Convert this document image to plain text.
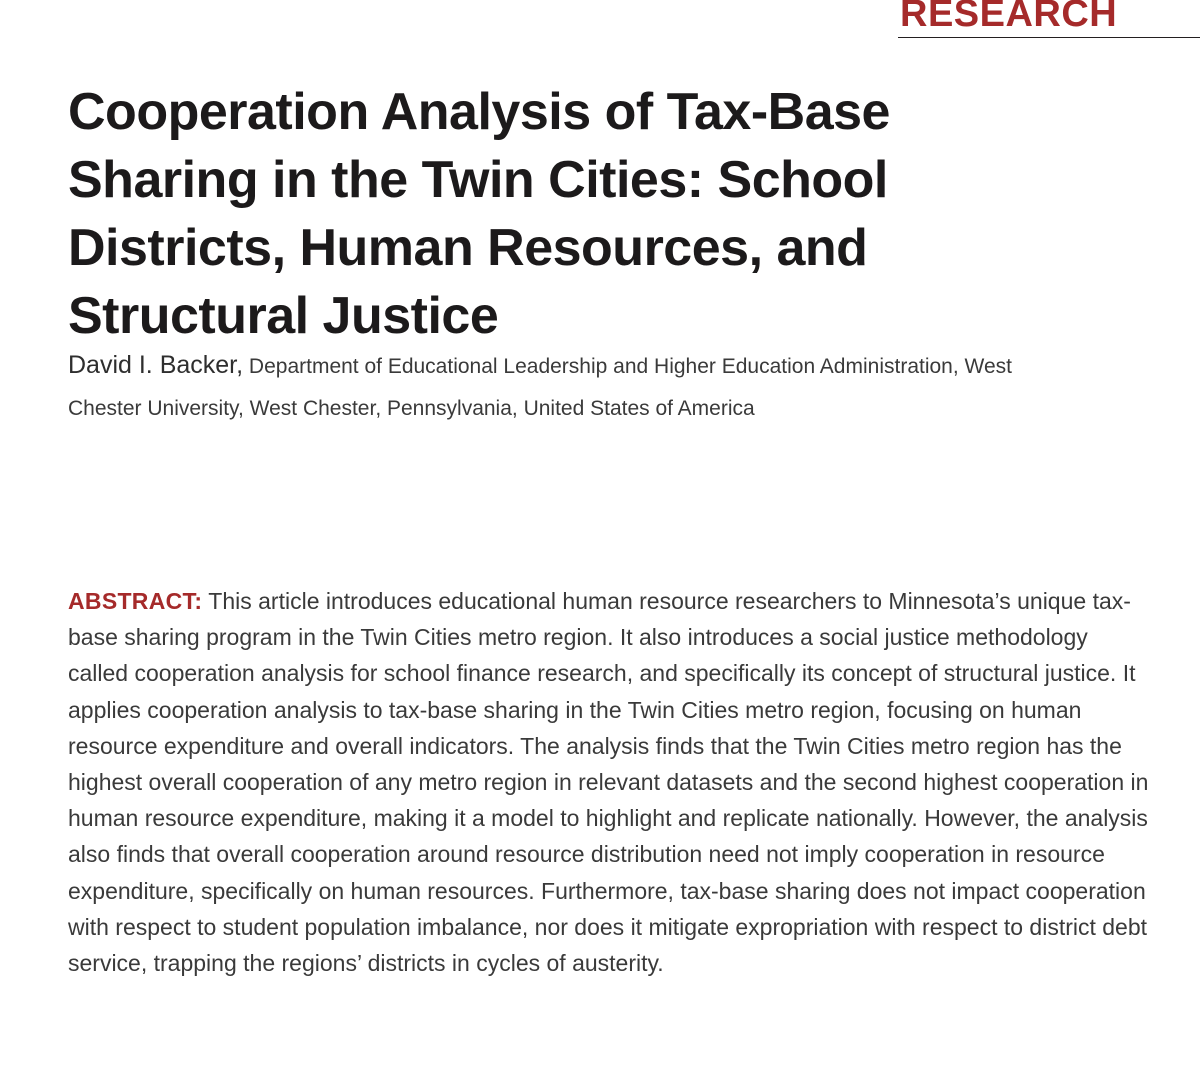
RESEARCH
Cooperation Analysis of Tax-Base Sharing in the Twin Cities: School Districts, Human Resources, and Structural Justice

David I. Backer, Department of Educational Leadership and Higher Education Administration, West Chester University, West Chester, Pennsylvania, United States of America

ABSTRACT: This article introduces educational human resource researchers to Minnesota’s unique tax-base sharing program in the Twin Cities metro region. It also introduces a social justice methodology called cooperation analysis for school finance research, and specifically its concept of structural justice. It applies cooperation analysis to tax-base sharing in the Twin Cities metro region, focusing on human resource expenditure and overall indicators. The analysis finds that the Twin Cities metro region has the highest overall cooperation of any metro region in relevant datasets and the second highest cooperation in human resource expenditure, making it a model to highlight and replicate nationally. However, the analysis also finds that overall cooperation around resource distribution need not imply cooperation in resource expenditure, specifically on human resources. Furthermore, tax-base sharing does not impact cooperation with respect to student population imbalance, nor does it mitigate expropriation with respect to district debt service, trapping the regions’ districts in cycles of austerity.
